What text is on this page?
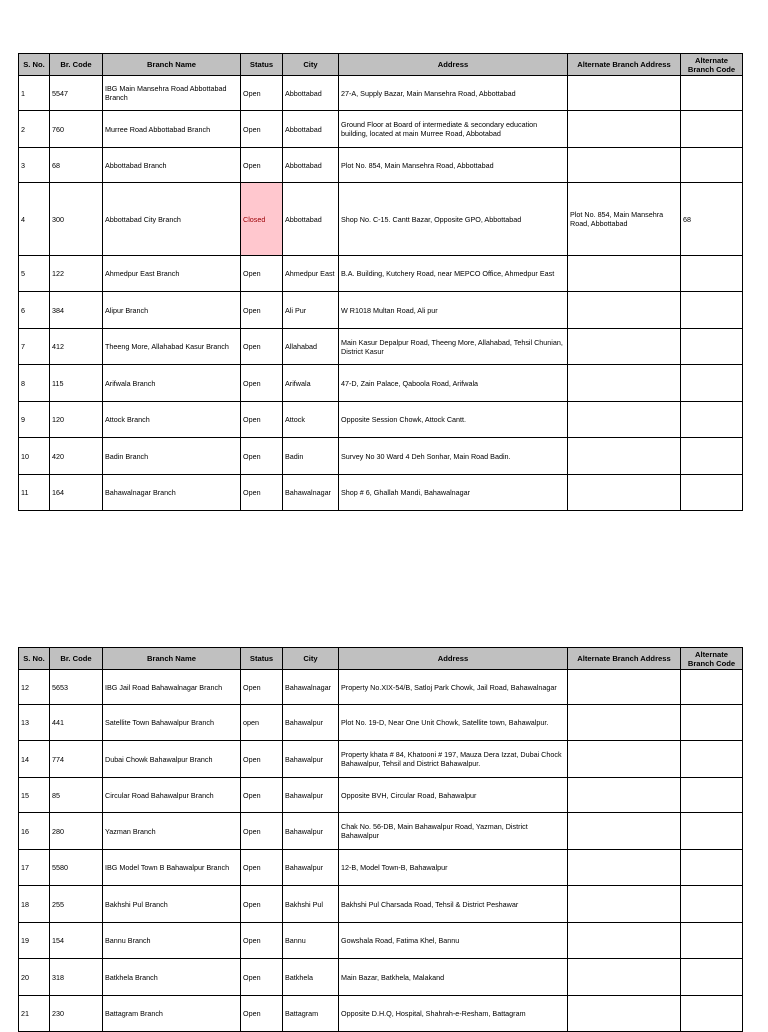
S. No.	Br. Code	Branch Name	Status	City	Address	Alternate Branch Address	Alternate Branch Code
1	5547	IBG Main Mansehra Road Abbottabad Branch	Open	Abbottabad	27-A, Supply Bazar, Main Mansehra Road, Abbottabad		
2	760	Murree Road Abbottabad Branch	Open	Abbottabad	Ground Floor at Board of intermediate & secondary education building, located at main Murree Road, Abbotabad		
3	68	Abbottabad Branch	Open	Abbottabad	Plot No. 854, Main Mansehra Road, Abbottabad		
4	300	Abbottabad City Branch	Closed	Abbottabad	Shop No. C-15. Cantt Bazar, Opposite GPO, Abbottabad	Plot No. 854, Main Mansehra Road, Abbottabad	68
5	122	Ahmedpur East Branch	Open	Ahmedpur East	B.A. Building, Kutchery Road, near MEPCO Office, Ahmedpur East		
6	384	Alipur Branch	Open	Ali Pur	W R1018 Multan Road, Ali pur		
7	412	Theeng More, Allahabad Kasur Branch	Open	Allahabad	Main Kasur Depalpur Road, Theeng More, Allahabad, Tehsil Chunian, District Kasur		
8	115	Arifwala Branch	Open	Arifwala	47-D, Zain Palace, Qaboola Road, Arifwala		
9	120	Attock Branch	Open	Attock	Opposite Session Chowk, Attock Cantt.		
10	420	Badin Branch	Open	Badin	Survey No 30 Ward 4 Deh Sonhar, Main Road Badin.		
11	164	Bahawalnagar Branch	Open	Bahawalnagar	Shop # 6, Ghallah Mandi, Bahawalnagar		
S. No.	Br. Code	Branch Name	Status	City	Address	Alternate Branch Address	Alternate Branch Code
12	5653	IBG Jail Road Bahawalnagar Branch	Open	Bahawalnagar	Property No.XIX-54/B, Satloj Park Chowk, Jail Road, Bahawalnagar		
13	441	Satellite Town Bahawalpur Branch	open	Bahawalpur	Plot No. 19-D, Near One Unit Chowk, Satellite town, Bahawalpur.		
14	774	Dubai Chowk Bahawalpur Branch	Open	Bahawalpur	Property khata # 84, Khatooni # 197, Mauza Dera Izzat, Dubai Chock Bahawalpur, Tehsil and District Bahawalpur.		
15	85	Circular Road Bahawalpur Branch	Open	Bahawalpur	Opposite BVH, Circular Road, Bahawalpur		
16	280	Yazman Branch	Open	Bahawalpur	Chak No. 56-DB, Main Bahawalpur Road, Yazman, District Bahawalpur		
17	5580	IBG Model Town B Bahawalpur Branch	Open	Bahawalpur	12-B, Model Town-B, Bahawalpur		
18	255	Bakhshi Pul Branch	Open	Bakhshi Pul	Bakhshi Pul Charsada Road, Tehsil & District Peshawar		
19	154	Bannu Branch	Open	Bannu	Gowshala Road, Fatima Khel, Bannu		
20	318	Batkhela Branch	Open	Batkhela	Main Bazar, Batkhela, Malakand		
21	230	Battagram Branch	Open	Battagram	Opposite D.H.Q, Hospital, Shahrah-e-Resham, Battagram		
